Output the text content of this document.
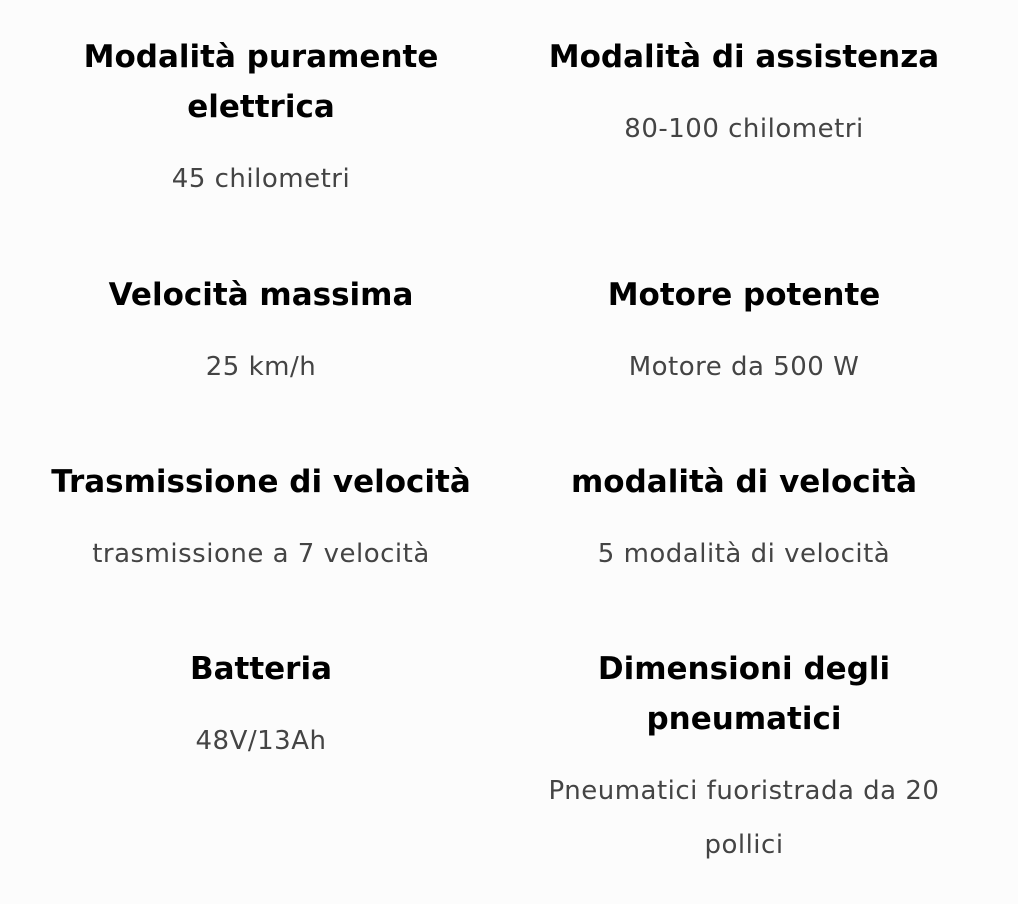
Modalità puramente elettrica

45 chilometri

Modalità di assistenza

80-100 chilometri

Velocità massima

25 km/h

Motore potente

Motore da 500 W

Trasmissione di velocità

trasmissione a 7 velocità

modalità di velocità

5 modalità di velocità

Batteria

48V/13Ah

Dimensioni degli pneumatici

Pneumatici fuoristrada da 20 pollici
